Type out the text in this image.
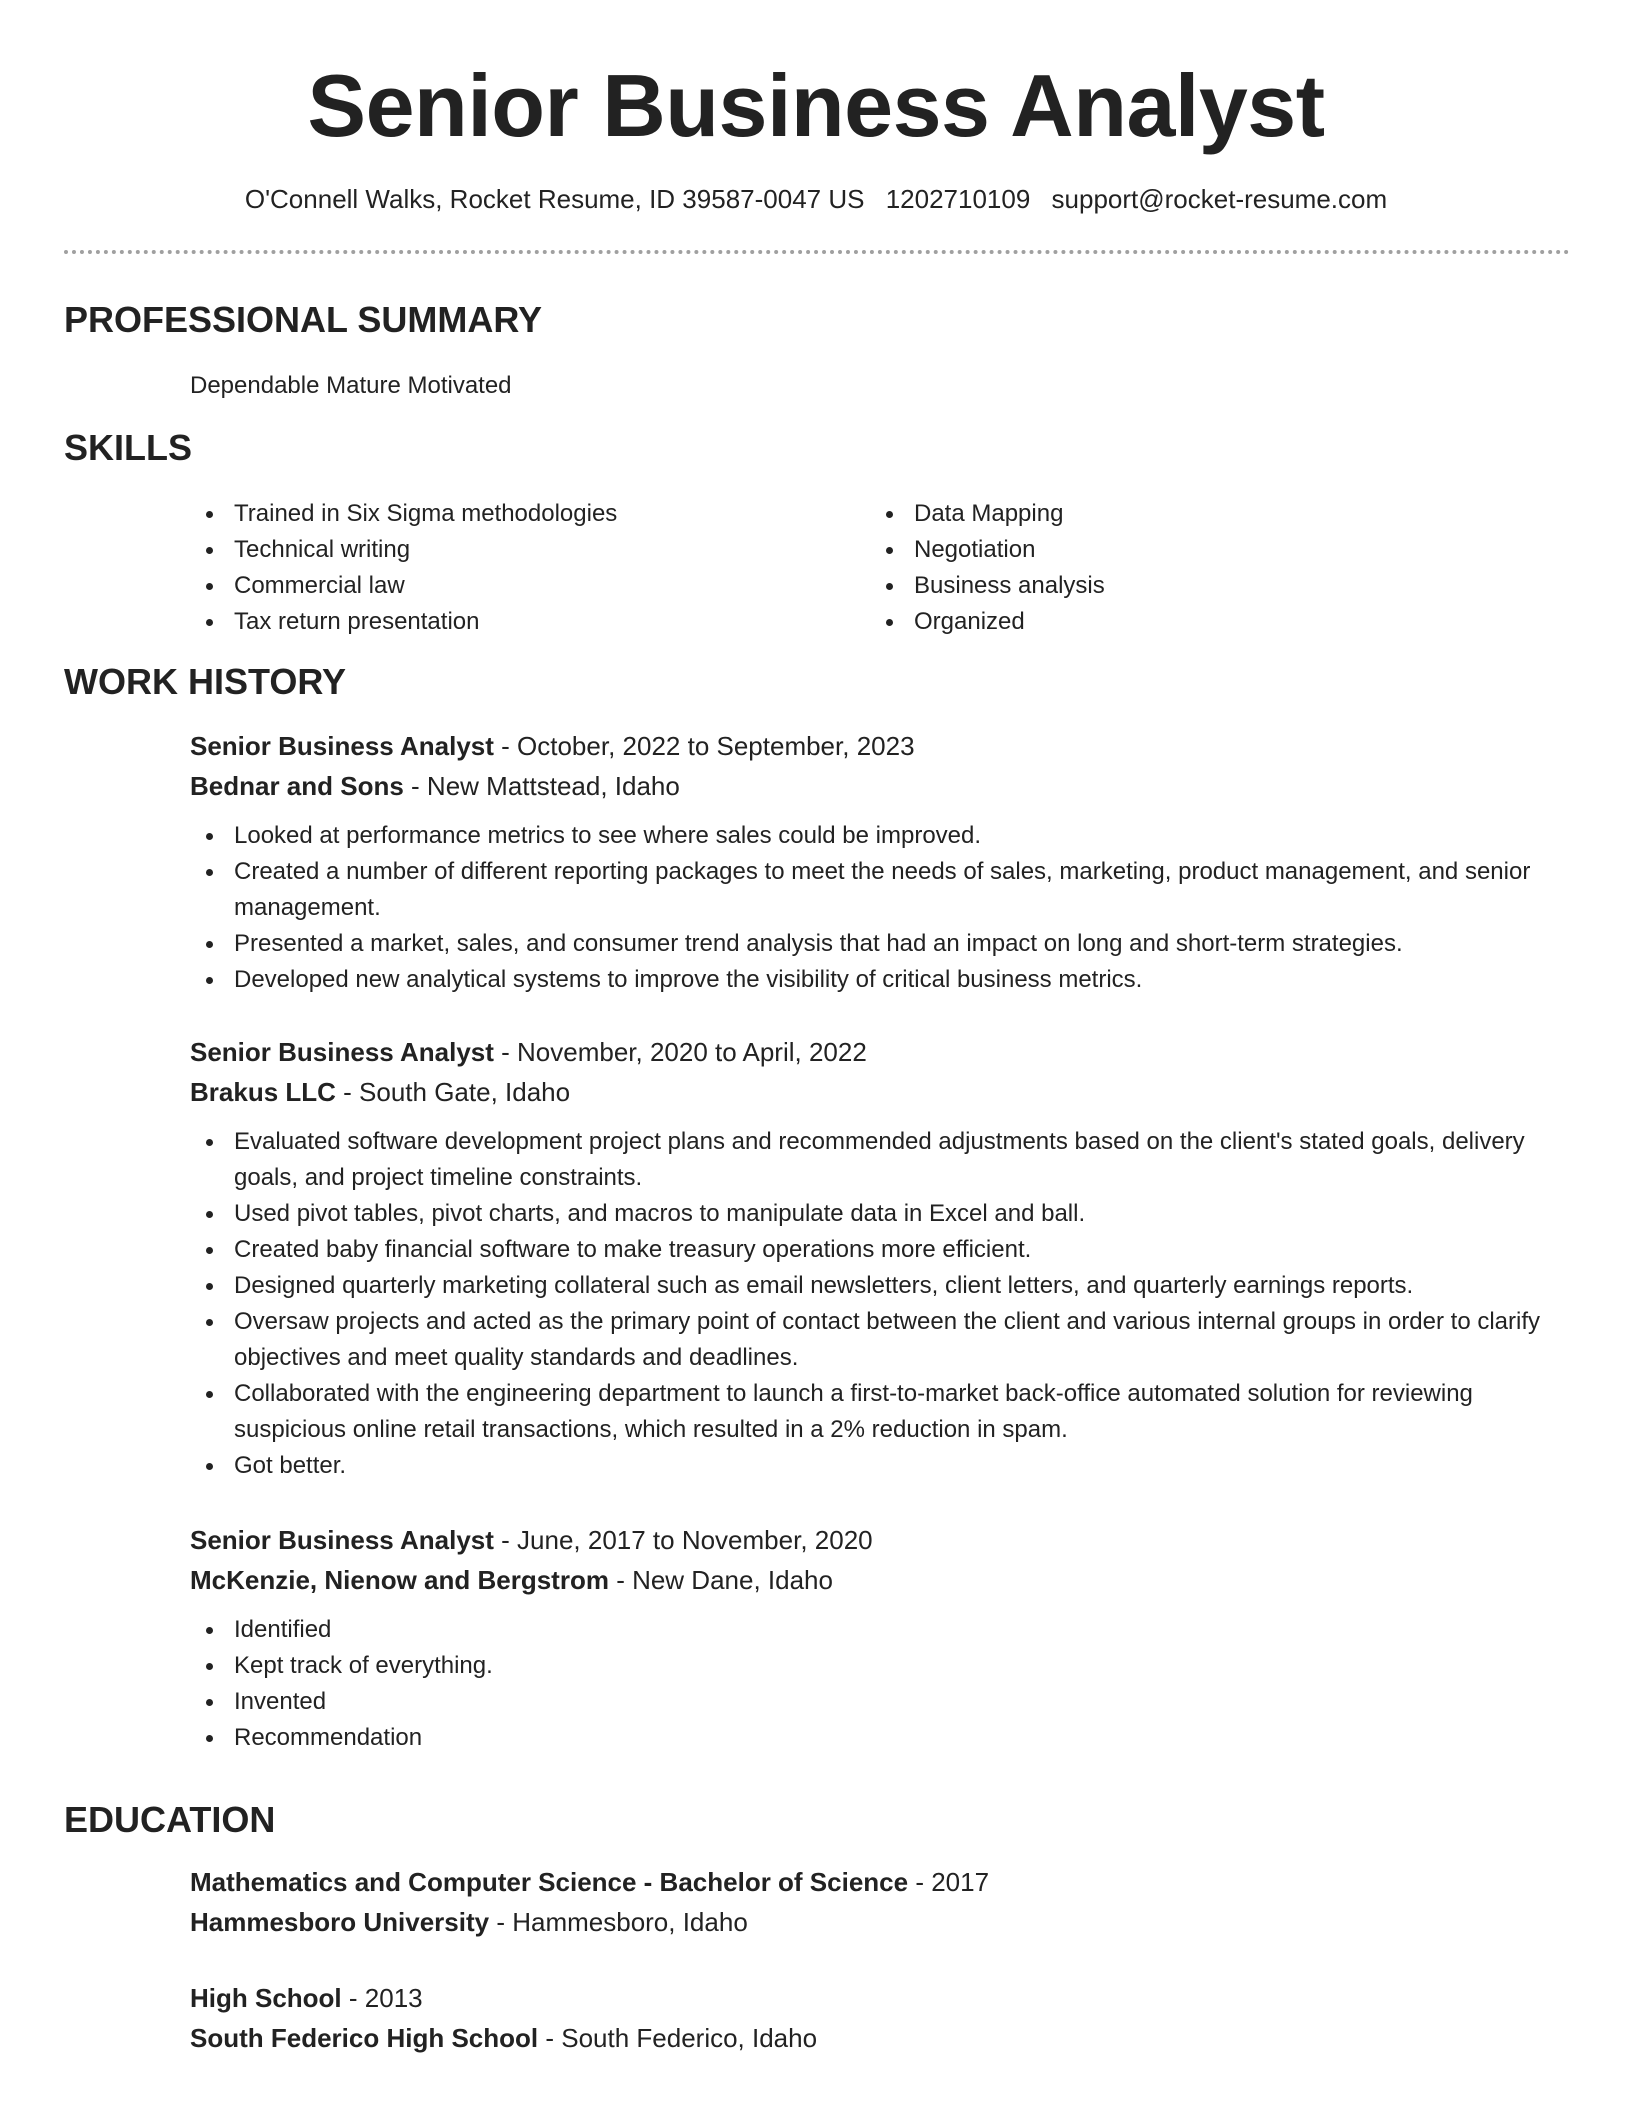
Senior Business Analyst
O'Connell Walks, Rocket Resume, ID 39587-0047 US 1202710109 support@rocket-resume.com
PROFESSIONAL SUMMARY

Dependable Mature Motivated

SKILLS
Trained in Six Sigma methodologies
Technical writing
Commercial law
Tax return presentation
Data Mapping
Negotiation
Business analysis
Organized
WORK HISTORY
Senior Business Analyst - October, 2022 to September, 2023
Bednar and Sons - New Mattstead, Idaho
Looked at performance metrics to see where sales could be improved.
Created a number of different reporting packages to meet the needs of sales, marketing, product management, and senior management.
Presented a market, sales, and consumer trend analysis that had an impact on long and short-term strategies.
Developed new analytical systems to improve the visibility of critical business metrics.
Senior Business Analyst - November, 2020 to April, 2022
Brakus LLC - South Gate, Idaho
Evaluated software development project plans and recommended adjustments based on the client's stated goals, delivery goals, and project timeline constraints.
Used pivot tables, pivot charts, and macros to manipulate data in Excel and ball.
Created baby financial software to make treasury operations more efficient.
Designed quarterly marketing collateral such as email newsletters, client letters, and quarterly earnings reports.
Oversaw projects and acted as the primary point of contact between the client and various internal groups in order to clarify objectives and meet quality standards and deadlines.
Collaborated with the engineering department to launch a first-to-market back-office automated solution for reviewing suspicious online retail transactions, which resulted in a 2% reduction in spam.
Got better.
Senior Business Analyst - June, 2017 to November, 2020
McKenzie, Nienow and Bergstrom - New Dane, Idaho
Identified
Kept track of everything.
Invented
Recommendation
EDUCATION
Mathematics and Computer Science - Bachelor of Science - 2017
Hammesboro University - Hammesboro, Idaho
High School - 2013
South Federico High School - South Federico, Idaho
